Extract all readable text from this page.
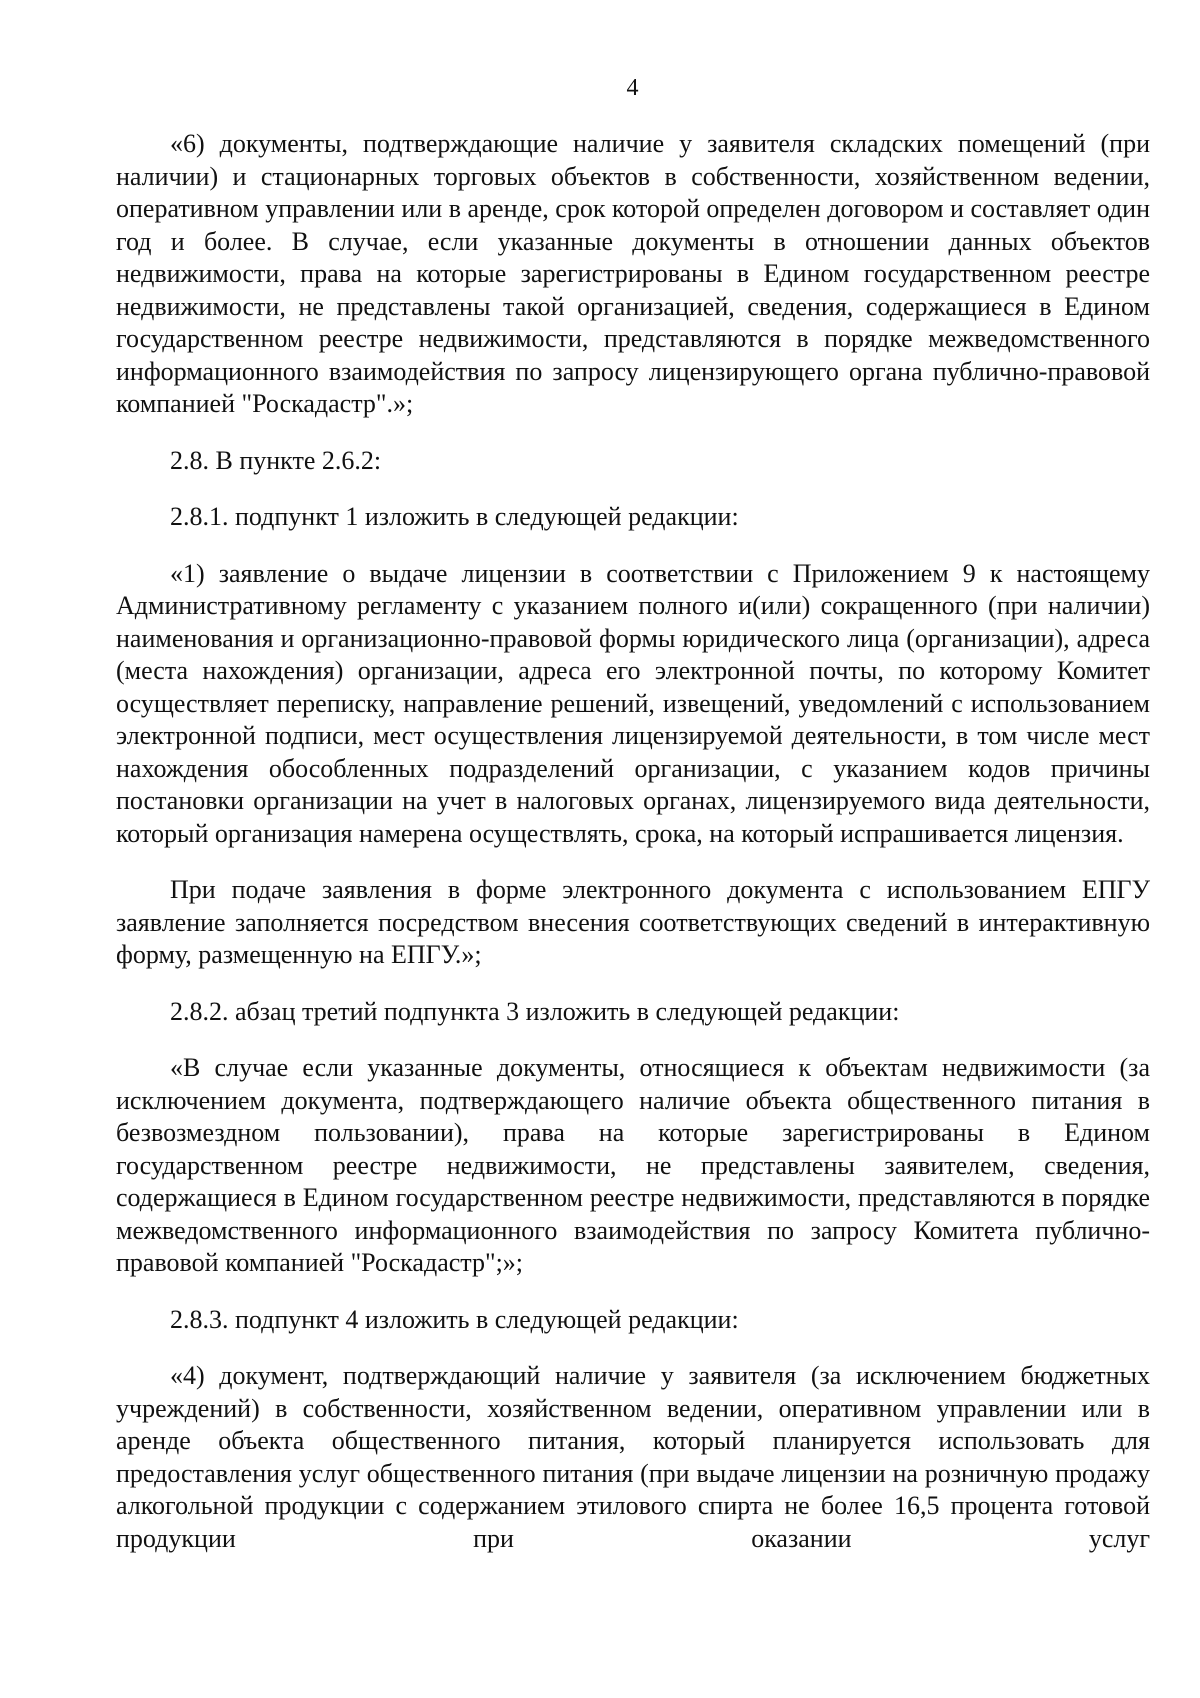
4

«6) документы, подтверждающие наличие у заявителя складских помещений (при наличии) и стационарных торговых объектов в собственности, хозяйственном ведении, оперативном управлении или в аренде, срок которой определен договором и составляет один год и более. В случае, если указанные документы в отношении данных объектов недвижимости, права на которые зарегистрированы в Едином государственном реестре недвижимости, не представлены такой организацией, сведения, содержащиеся в Едином государственном реестре недвижимости, представляются в порядке межведомственного информационного взаимодействия по запросу лицензирующего органа публично-правовой компанией "Роскадастр".»;

2.8. В пункте 2.6.2:

2.8.1. подпункт 1 изложить в следующей редакции:

«1) заявление о выдаче лицензии в соответствии с Приложением 9 к настоящему Административному регламенту с указанием полного и(или) сокращенного (при наличии) наименования и организационно-правовой формы юридического лица (организации), адреса (места нахождения) организации, адреса его электронной почты, по которому Комитет осуществляет переписку, направление решений, извещений, уведомлений с использованием электронной подписи, мест осуществления лицензируемой деятельности, в том числе мест нахождения обособленных подразделений организации, с указанием кодов причины постановки организации на учет в налоговых органах, лицензируемого вида деятельности, который организация намерена осуществлять, срока, на который испрашивается лицензия.

При подаче заявления в форме электронного документа с использованием ЕПГУ заявление заполняется посредством внесения соответствующих сведений в интерактивную форму, размещенную на ЕПГУ.»;

2.8.2. абзац третий подпункта 3 изложить в следующей редакции:

«В случае если указанные документы, относящиеся к объектам недвижимости (за исключением документа, подтверждающего наличие объекта общественного питания в безвозмездном пользовании), права на которые зарегистрированы в Едином государственном реестре недвижимости, не представлены заявителем, сведения, содержащиеся в Едином государственном реестре недвижимости, представляются в порядке межведомственного информационного взаимодействия по запросу Комитета публично-правовой компанией "Роскадастр";»;

2.8.3. подпункт 4 изложить в следующей редакции:

«4) документ, подтверждающий наличие у заявителя (за исключением бюджетных учреждений) в собственности, хозяйственном ведении, оперативном управлении или в аренде объекта общественного питания, который планируется использовать для предоставления услуг общественного питания (при выдаче лицензии на розничную продажу алкогольной продукции с содержанием этилового спирта не более 16,5 процента готовой продукции при оказании услуг
